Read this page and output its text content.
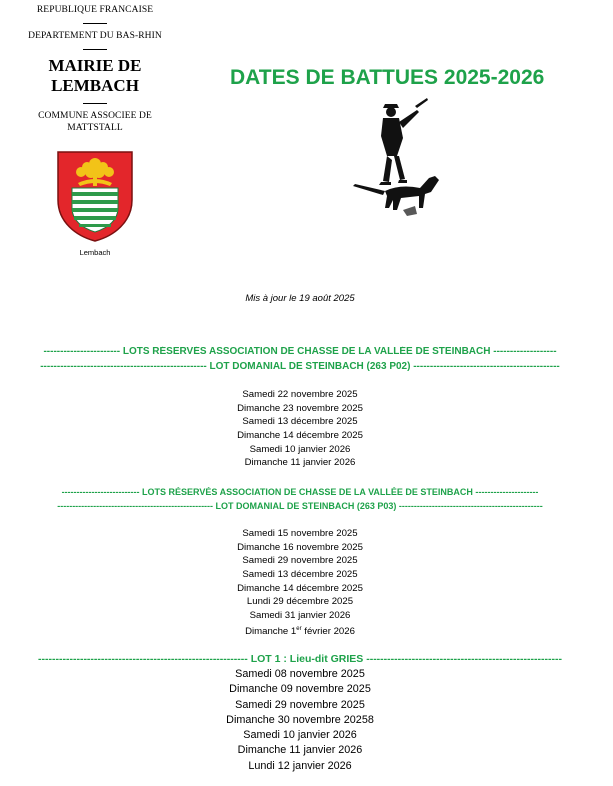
REPUBLIQUE FRANCAISE
DEPARTEMENT DU BAS-RHIN
MAIRIE DE
LEMBACH
COMMUNE ASSOCIEE DE
MATTSTALL
Lembach
DATES DE BATTUES 2025-2026
Mis à jour le 19 août 2025
----------------------- LOTS RÉSERVÉS ASSOCIATION DE CHASSE DE LA VALLÉE DE STEINBACH -------------------
-------------------------------------------------- LOT DOMANIAL DE STEINBACH (263 P02) --------------------------------------------
Samedi 22 novembre 2025
Dimanche 23 novembre 2025
Samedi 13 décembre 2025
Dimanche 14 décembre 2025
Samedi 10 janvier 2026
Dimanche 11 janvier 2026
-------------------------- LOTS RÉSERVÉS ASSOCIATION DE CHASSE DE LA VALLÉE DE STEINBACH ---------------------
---------------------------------------------------- LOT DOMANIAL DE STEINBACH (263 P03) ------------------------------------------------
Samedi 15 novembre 2025
Dimanche 16 novembre 2025
Samedi 29 novembre 2025
Samedi 13 décembre 2025
Dimanche 14 décembre 2025
Lundi 29 décembre 2025
Samedi 31 janvier 2026
Dimanche 1er février 2026
------------------------------------------------------------ LOT 1 : Lieu-dit GRIES --------------------------------------------------------
Samedi 08 novembre 2025
Dimanche 09 novembre 2025
Samedi 29 novembre 2025
Dimanche 30 novembre 20258
Samedi 10 janvier 2026
Dimanche 11 janvier 2026
Lundi 12 janvier 2026
